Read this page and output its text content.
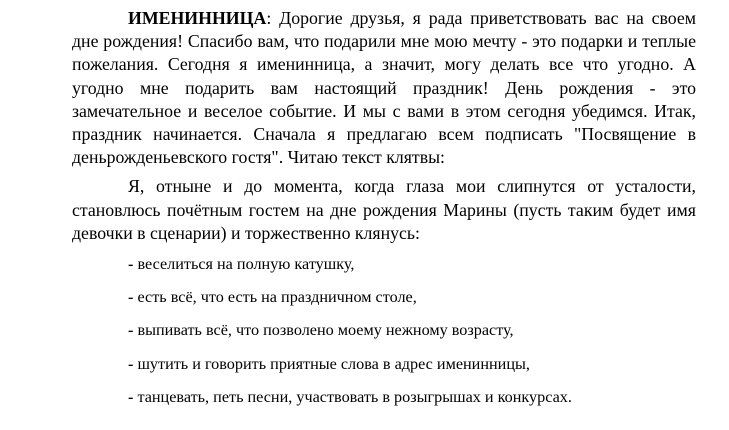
ИМЕНИННИЦА: Дорогие друзья, я рада приветствовать вас на своем дне рождения! Спасибо вам, что подарили мне мою мечту - это подарки и теплые пожелания. Сегодня я именинница, а значит, могу делать все что угодно. А угодно мне подарить вам настоящий праздник! День рождения - это замечательное и веселое событие. И мы с вами в этом сегодня убедимся. Итак, праздник начинается. Сначала я предлагаю всем подписать "Посвящение в деньрожденьевского гостя". Читаю текст клятвы:

Я, отныне и до момента, когда глаза мои слипнутся от усталости, становлюсь почётным гостем на дне рождения Марины (пусть таким будет имя девочки в сценарии) и торжественно клянусь:

- веселиться на полную катушку,
- есть всё, что есть на праздничном столе,
- выпивать всё, что позволено моему нежному возрасту,
- шутить и говорить приятные слова в адрес именинницы,
- танцевать, петь песни, участвовать в розыгрышах и конкурсах.
